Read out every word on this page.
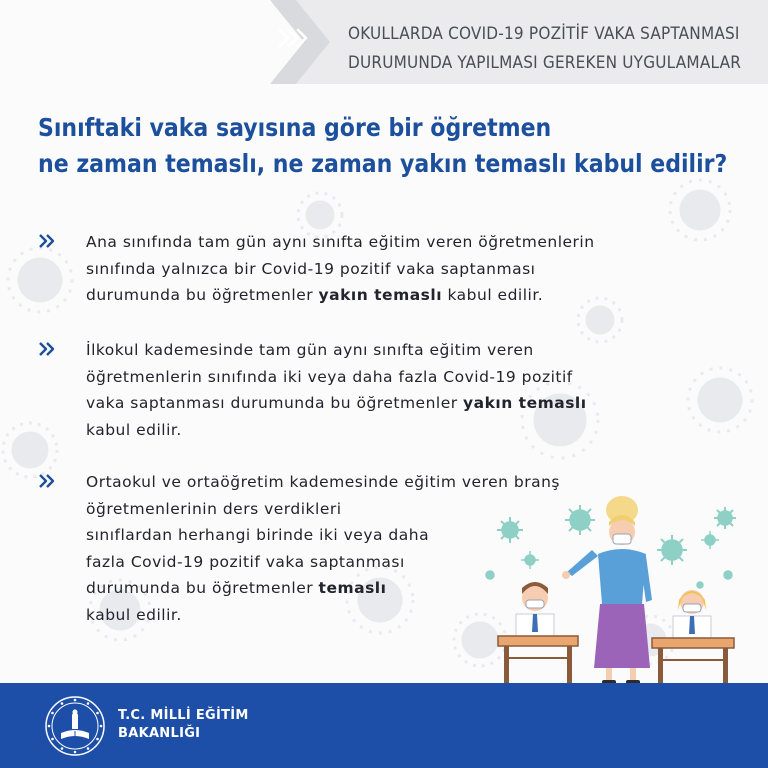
OKULLARDA COVID-19 POZİTİF VAKA SAPTANMASI
DURUMUNDA YAPILMASI GEREKEN UYGULAMALAR
Sınıftaki vaka sayısına göre bir öğretmen
ne zaman temaslı, ne zaman yakın temaslı kabul edilir?
Ana sınıfında tam gün aynı sınıfta eğitim veren öğretmenlerin
sınıfında yalnızca bir Covid-19 pozitif vaka saptanması
durumunda bu öğretmenler yakın temaslı kabul edilir.
İlkokul kademesinde tam gün aynı sınıfta eğitim veren
öğretmenlerin sınıfında iki veya daha fazla Covid-19 pozitif
vaka saptanması durumunda bu öğretmenler yakın temaslı
kabul edilir.
Ortaokul ve ortaöğretim kademesinde eğitim veren branş
öğretmenlerinin ders verdikleri
sınıflardan herhangi birinde iki veya daha
fazla Covid-19 pozitif vaka saptanması
durumunda bu öğretmenler temaslı
kabul edilir.
T.C. MİLLİ EĞİTİM
BAKANLIĞI
